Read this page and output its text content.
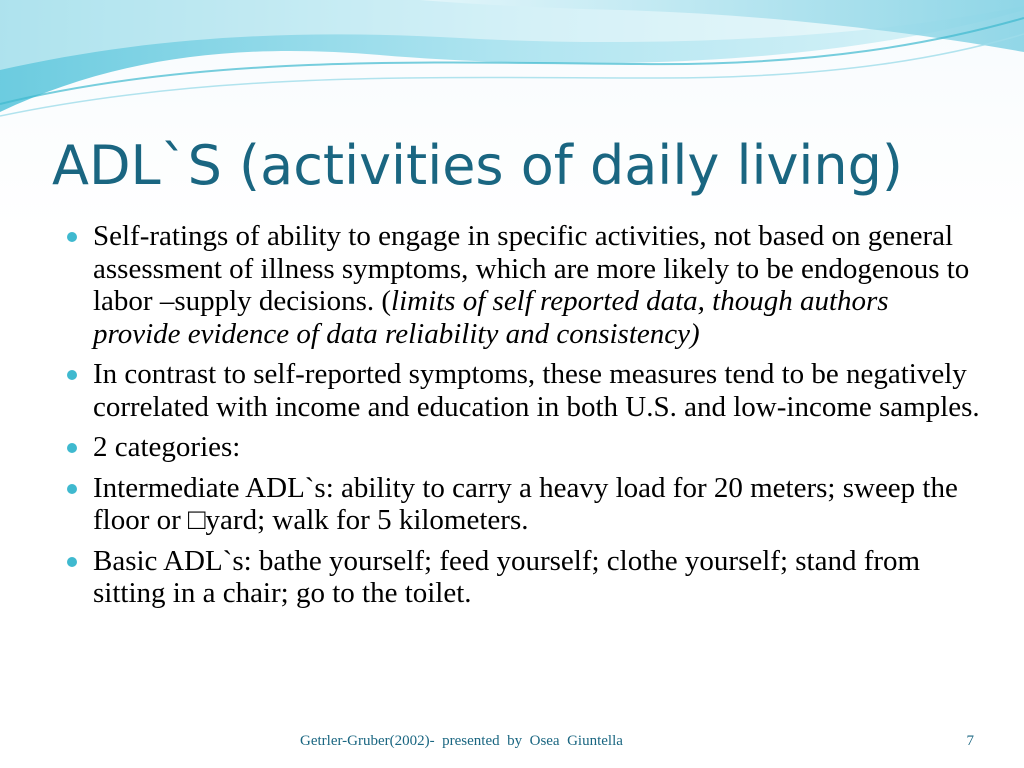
ADL`S (activities of daily living)
Self-ratings of ability to engage in specific activities, not based on general assessment of illness symptoms, which are more likely to be endogenous to labor –supply decisions. (limits of self reported data, though authors provide evidence of data reliability and consistency)
In contrast to self-reported symptoms, these measures tend to be negatively correlated with income and education in both U.S. and low-income samples.
2 categories:
Intermediate ADL`s: ability to carry a heavy load for 20 meters; sweep the floor or □yard; walk for 5 kilometers.
Basic ADL`s: bathe yourself; feed yourself; clothe yourself; stand from sitting in a chair; go to the toilet.
Getrler-Gruber(2002)-  presented  by  Osea  Giuntella	7
